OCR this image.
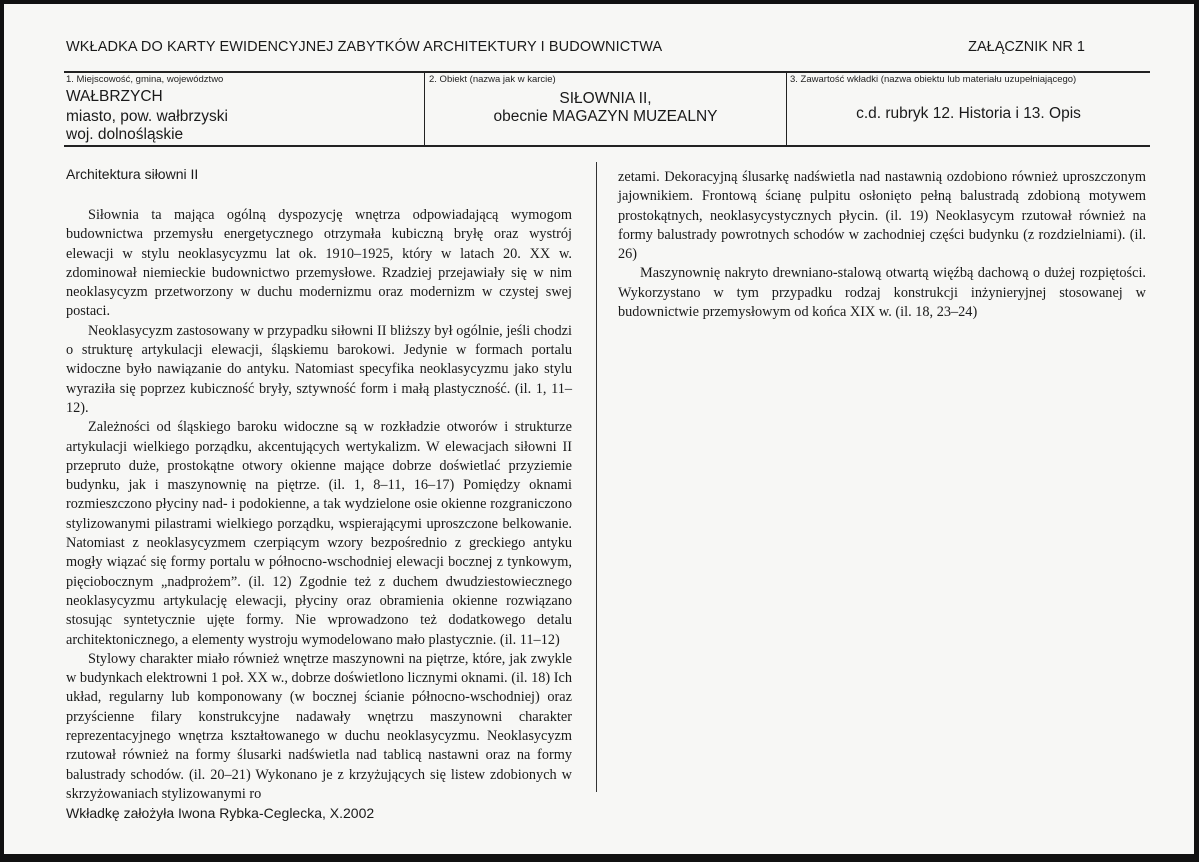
WKŁADKA DO KARTY EWIDENCYJNEJ ZABYTKÓW ARCHITEKTURY I BUDOWNICTWA	ZAŁĄCZNIK NR 1
1. Miejscowość, gmina, województwo
WAŁBRZYCH
miasto, pow. wałbrzyski
woj. dolnośląskie
2. Obiekt (nazwa jak w karcie)
SIŁOWNIA II,
obecnie MAGAZYN MUZEALNY
3. Zawartość wkładki (nazwa obiektu lub materiału uzupełniającego)
c.d. rubryk 12. Historia i 13. Opis
Architektura siłowni II

Siłownia ta mająca ogólną dyspozycję wnętrza odpowiadającą wymogom budownictwa przemysłu energetycznego otrzymała kubiczną bryłę oraz wystrój elewacji w stylu neoklasycyzmu lat ok. 1910–1925, który w latach 20. XX w. zdominował niemieckie budownictwo przemysłowe. Rzadziej przejawiały się w nim neoklasycyzm przetworzony w duchu modernizmu oraz modernizm w czystej swej postaci.

Neoklasycyzm zastosowany w przypadku siłowni II bliższy był ogólnie, jeśli chodzi o strukturę artykulacji elewacji, śląskiemu barokowi. Jedynie w formach portalu widoczne było nawiązanie do antyku. Natomiast specyfika neoklasycyzmu jako stylu wyraziła się poprzez kubiczność bryły, sztywność form i małą plastyczność. (il. 1, 11–12).

Zależności od śląskiego baroku widoczne są w rozkładzie otworów i strukturze artykulacji wielkiego porządku, akcentujących wertykalizm. W elewacjach siłowni II przepruto duże, prostokątne otwory okienne mające dobrze doświetlać przyziemie budynku, jak i maszynownię na piętrze. (il. 1, 8–11, 16–17) Pomiędzy oknami rozmieszczono płyciny nad- i podokienne, a tak wydzielone osie okienne rozgraniczono stylizowanymi pilastrami wielkiego porządku, wspierającymi uproszczone belkowanie. Natomiast z neoklasycyzmem czerpiącym wzory bezpośrednio z greckiego antyku mogły wiązać się formy portalu w północno-wschodniej elewacji bocznej z tynkowym, pięciobocznym „nadprożem”. (il. 12) Zgodnie też z duchem dwudziestowiecznego neoklasycyzmu artykulację elewacji, płyciny oraz obramienia okienne rozwiązano stosując syntetycznie ujęte formy. Nie wprowadzono też dodatkowego detalu architektonicznego, a elementy wystroju wymodelowano mało plastycznie. (il. 11–12)

Stylowy charakter miało również wnętrze maszynowni na piętrze, które, jak zwykle w budynkach elektrowni 1 poł. XX w., dobrze doświetlono licznymi oknami. (il. 18) Ich układ, regularny lub komponowany (w bocznej ścianie północno-wschodniej) oraz przyścienne filary konstrukcyjne nadawały wnętrzu maszynowni charakter reprezentacyjnego wnętrza kształtowanego w duchu neoklasycyzmu. Neoklasycyzm rzutował również na formy ślusarki nadświetla nad tablicą nastawni oraz na formy balustrady schodów. (il. 20–21) Wykonano je z krzyżujących się listew zdobionych w skrzyżowaniach stylizowanymi ro

zetami. Dekoracyjną ślusarkę nadświetla nad nastawnią ozdobiono również uproszczonym jajownikiem. Frontową ścianę pulpitu osłonięto pełną balustradą zdobioną motywem prostokątnych, neoklasycystycznych płycin. (il. 19) Neoklasycym rzutował również na formy balustrady powrotnych schodów w zachodniej części budynku (z rozdzielniami). (il. 26)

Maszynownię nakryto drewniano-stalową otwartą więźbą dachową o dużej rozpiętości. Wykorzystano w tym przypadku rodzaj konstrukcji inżynieryjnej stosowanej w budownictwie przemysłowym od końca XIX w. (il. 18, 23–24)

Wkładkę założyła Iwona Rybka-Ceglecka, X.2002
